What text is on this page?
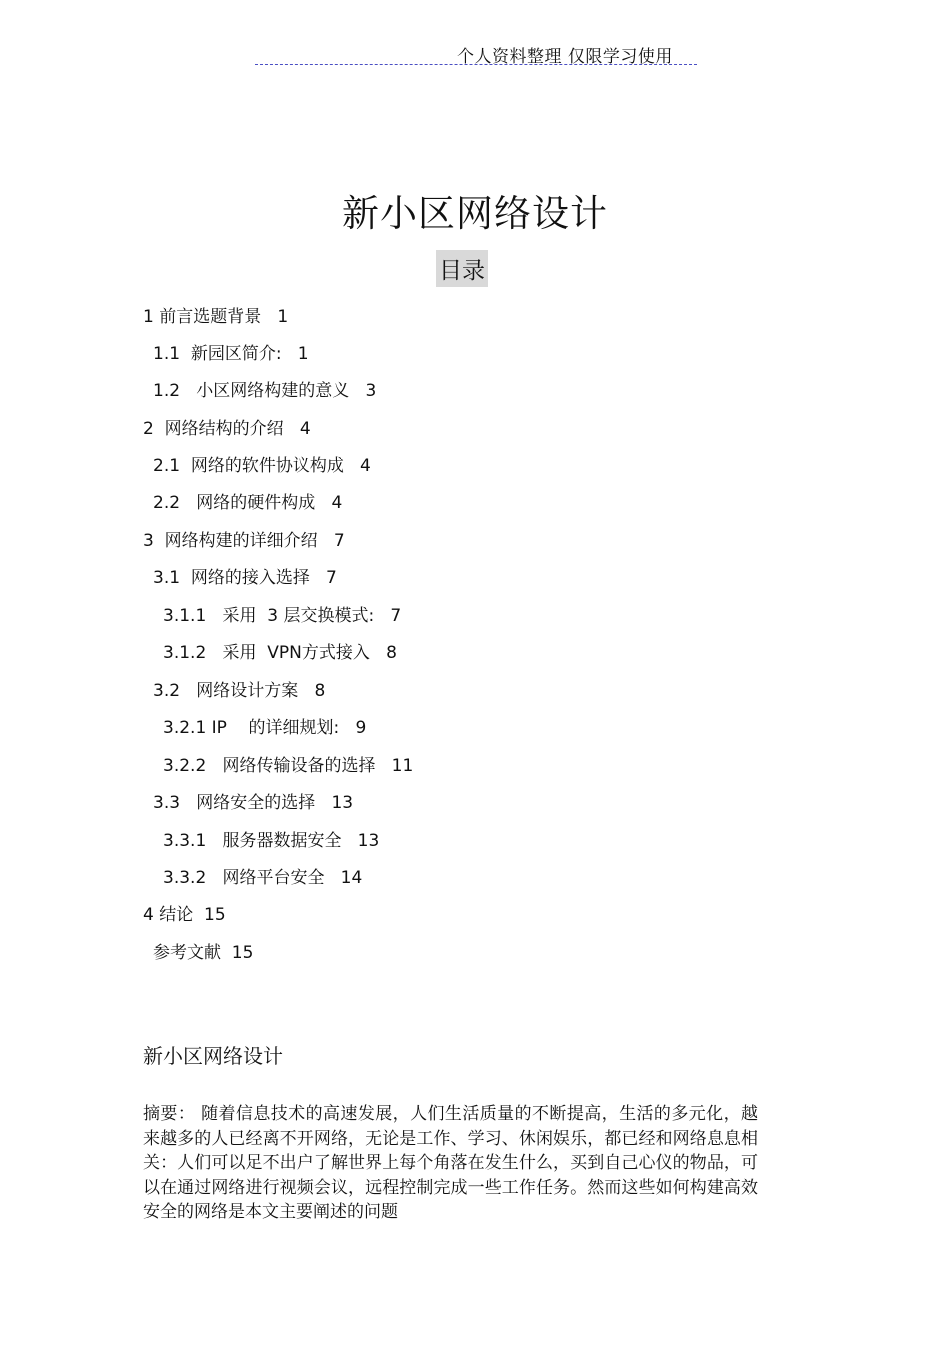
个人资料整理 仅限学习使用
新小区网络设计
目录
1 前言选题背景   1
1.1  新园区简介:   1
1.2   小区网络构建的意义   3
2  网络结构的介绍   4
2.1  网络的软件协议构成   4
2.2   网络的硬件构成   4
3  网络构建的详细介绍   7
3.1  网络的接入选择   7
3.1.1   采用  3 层交换模式:   7
3.1.2   采用  VPN方式接入   8
3.2   网络设计方案   8
3.2.1 IP    的详细规划:   9
3.2.2   网络传输设备的选择   11
3.3   网络安全的选择   13
3.3.1   服务器数据安全   13
3.3.2   网络平台安全   14
4 结论  15
参考文献  15
新小区网络设计
摘要： 随着信息技术的高速发展，人们生活质量的不断提高，生活的多元化，越来越多的人已经离不开网络，无论是工作、学习、休闲娱乐，都已经和网络息息相关：人们可以足不出户了解世界上每个角落在发生什么，买到自己心仪的物品，可以在通过网络进行视频会议，远程控制完成一些工作任务。然而这些如何构建高效安全的网络是本文主要阐述的问题
